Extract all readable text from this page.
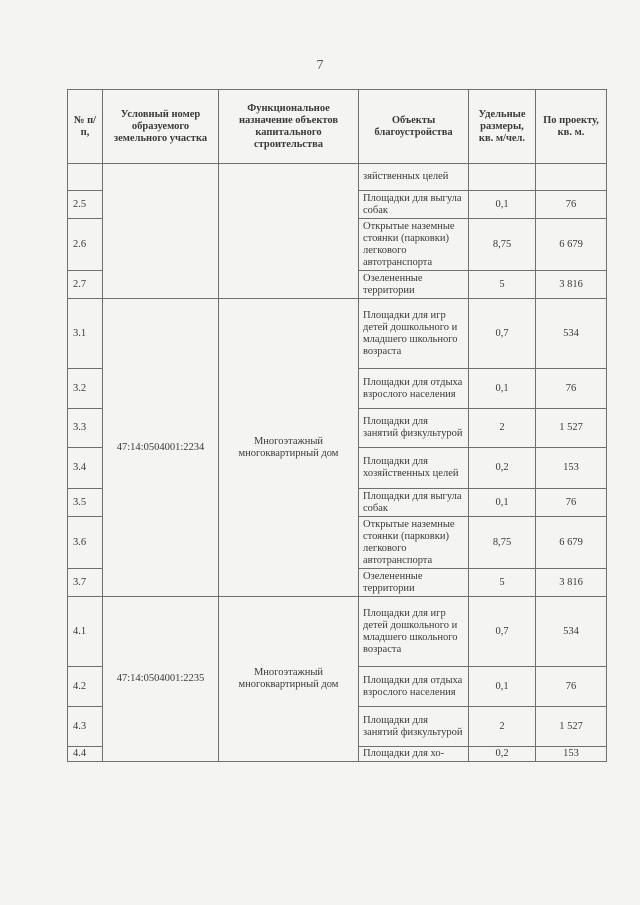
7
№ п/п,	Условный номер образуемого земельного участка	Функциональное назначение объектов капитального строительства	Объекты благоустройства	Удельные размеры, кв. м/чел.	По проекту, кв. м.
			зяйственных целей		
2.5			Площадки для выгула собак	0,1	76
2.6			Открытые наземные стоянки (парковки) легкового автотранспорта	8,75	6 679
2.7			Озелененные территории	5	3 816
3.1	47:14:0504001:2234	Многоэтажный многоквартирный дом	Площадки для игр детей дошкольного и младшего школьного возраста	0,7	534
3.2			Площадки для отдыха взрослого населения	0,1	76
3.3			Площадки для занятий физкультурой	2	1 527
3.4			Площадки для хозяйственных целей	0,2	153
3.5			Площадки для выгула собак	0,1	76
3.6			Открытые наземные стоянки (парковки) легкового автотранспорта	8,75	6 679
3.7			Озелененные территории	5	3 816
4.1	47:14:0504001:2235	Многоэтажный многоквартирный дом	Площадки для игр детей дошкольного и младшего школьного возраста	0,7	534
4.2			Площадки для отдыха взрослого населения	0,1	76
4.3			Площадки для занятий физкультурой	2	1 527
4.4			Площадки для хо-	0,2	153
